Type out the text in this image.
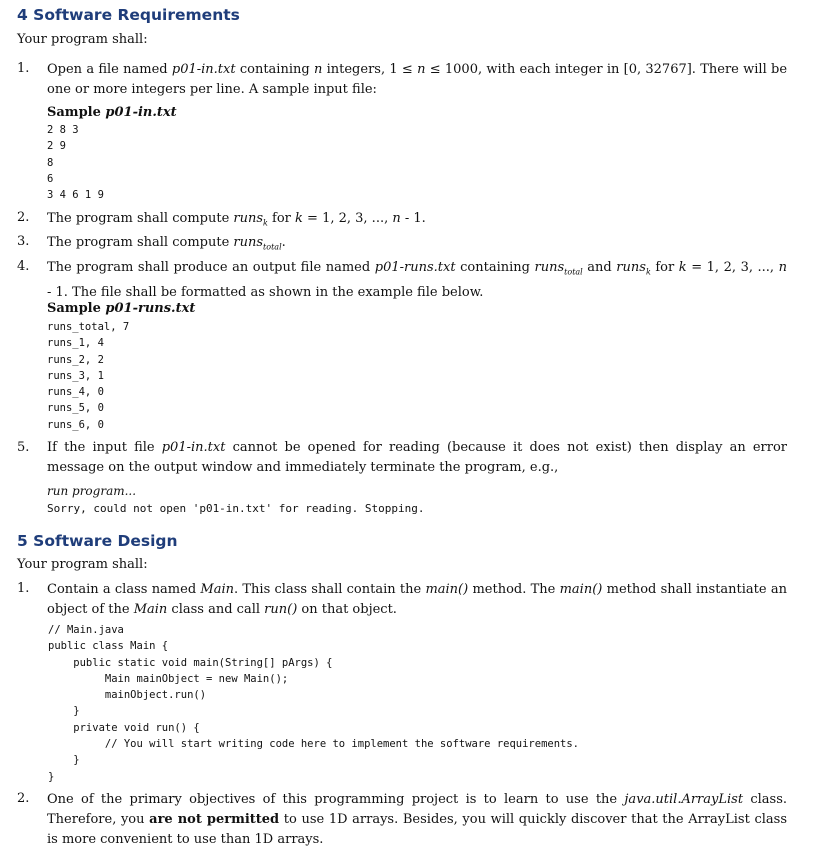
4 Software Requirements
Your program shall:
1. Open a file named p01-in.txt containing n integers, 1 ≤ n ≤ 1000, with each integer in [0, 32767]. There will be one or more integers per line. A sample input file:
Sample p01-in.txt
2 8 3
2 9
8
6
3 4 6 1 9
2. The program shall compute runs$_k$ for k = 1, 2, 3, ..., n - 1.
3. The program shall compute runs$_{total}$.
4. The program shall produce an output file named p01-runs.txt containing runs$_{total}$ and runs$_k$ for k = 1, 2, 3, ..., n - 1. The file shall be formatted as shown in the example file below.
Sample p01-runs.txt
runs_total, 7
runs_1, 4
runs_2, 2
runs_3, 1
runs_4, 0
runs_5, 0
runs_6, 0
5. If the input file p01-in.txt cannot be opened for reading (because it does not exist) then display an error message on the output window and immediately terminate the program, e.g.,
run program...
Sorry, could not open 'p01-in.txt' for reading. Stopping.
5 Software Design
Your program shall:
1. Contain a class named Main. This class shall contain the main() method. The main() method shall instantiate an object of the Main class and call run() on that object.
// Main.java
public class Main {
public static void main(String[] pArgs) {
Main mainObject = new Main();
mainObject.run()
}
private void run() {
// You will start writing code here to implement the software requirements.
}
}
2. One of the primary objectives of this programming project is to learn to use the java.util.ArrayList class. Therefore, you are not permitted to use 1D arrays. Besides, you will quickly discover that the ArrayList class is more convenient to use than 1D arrays.
